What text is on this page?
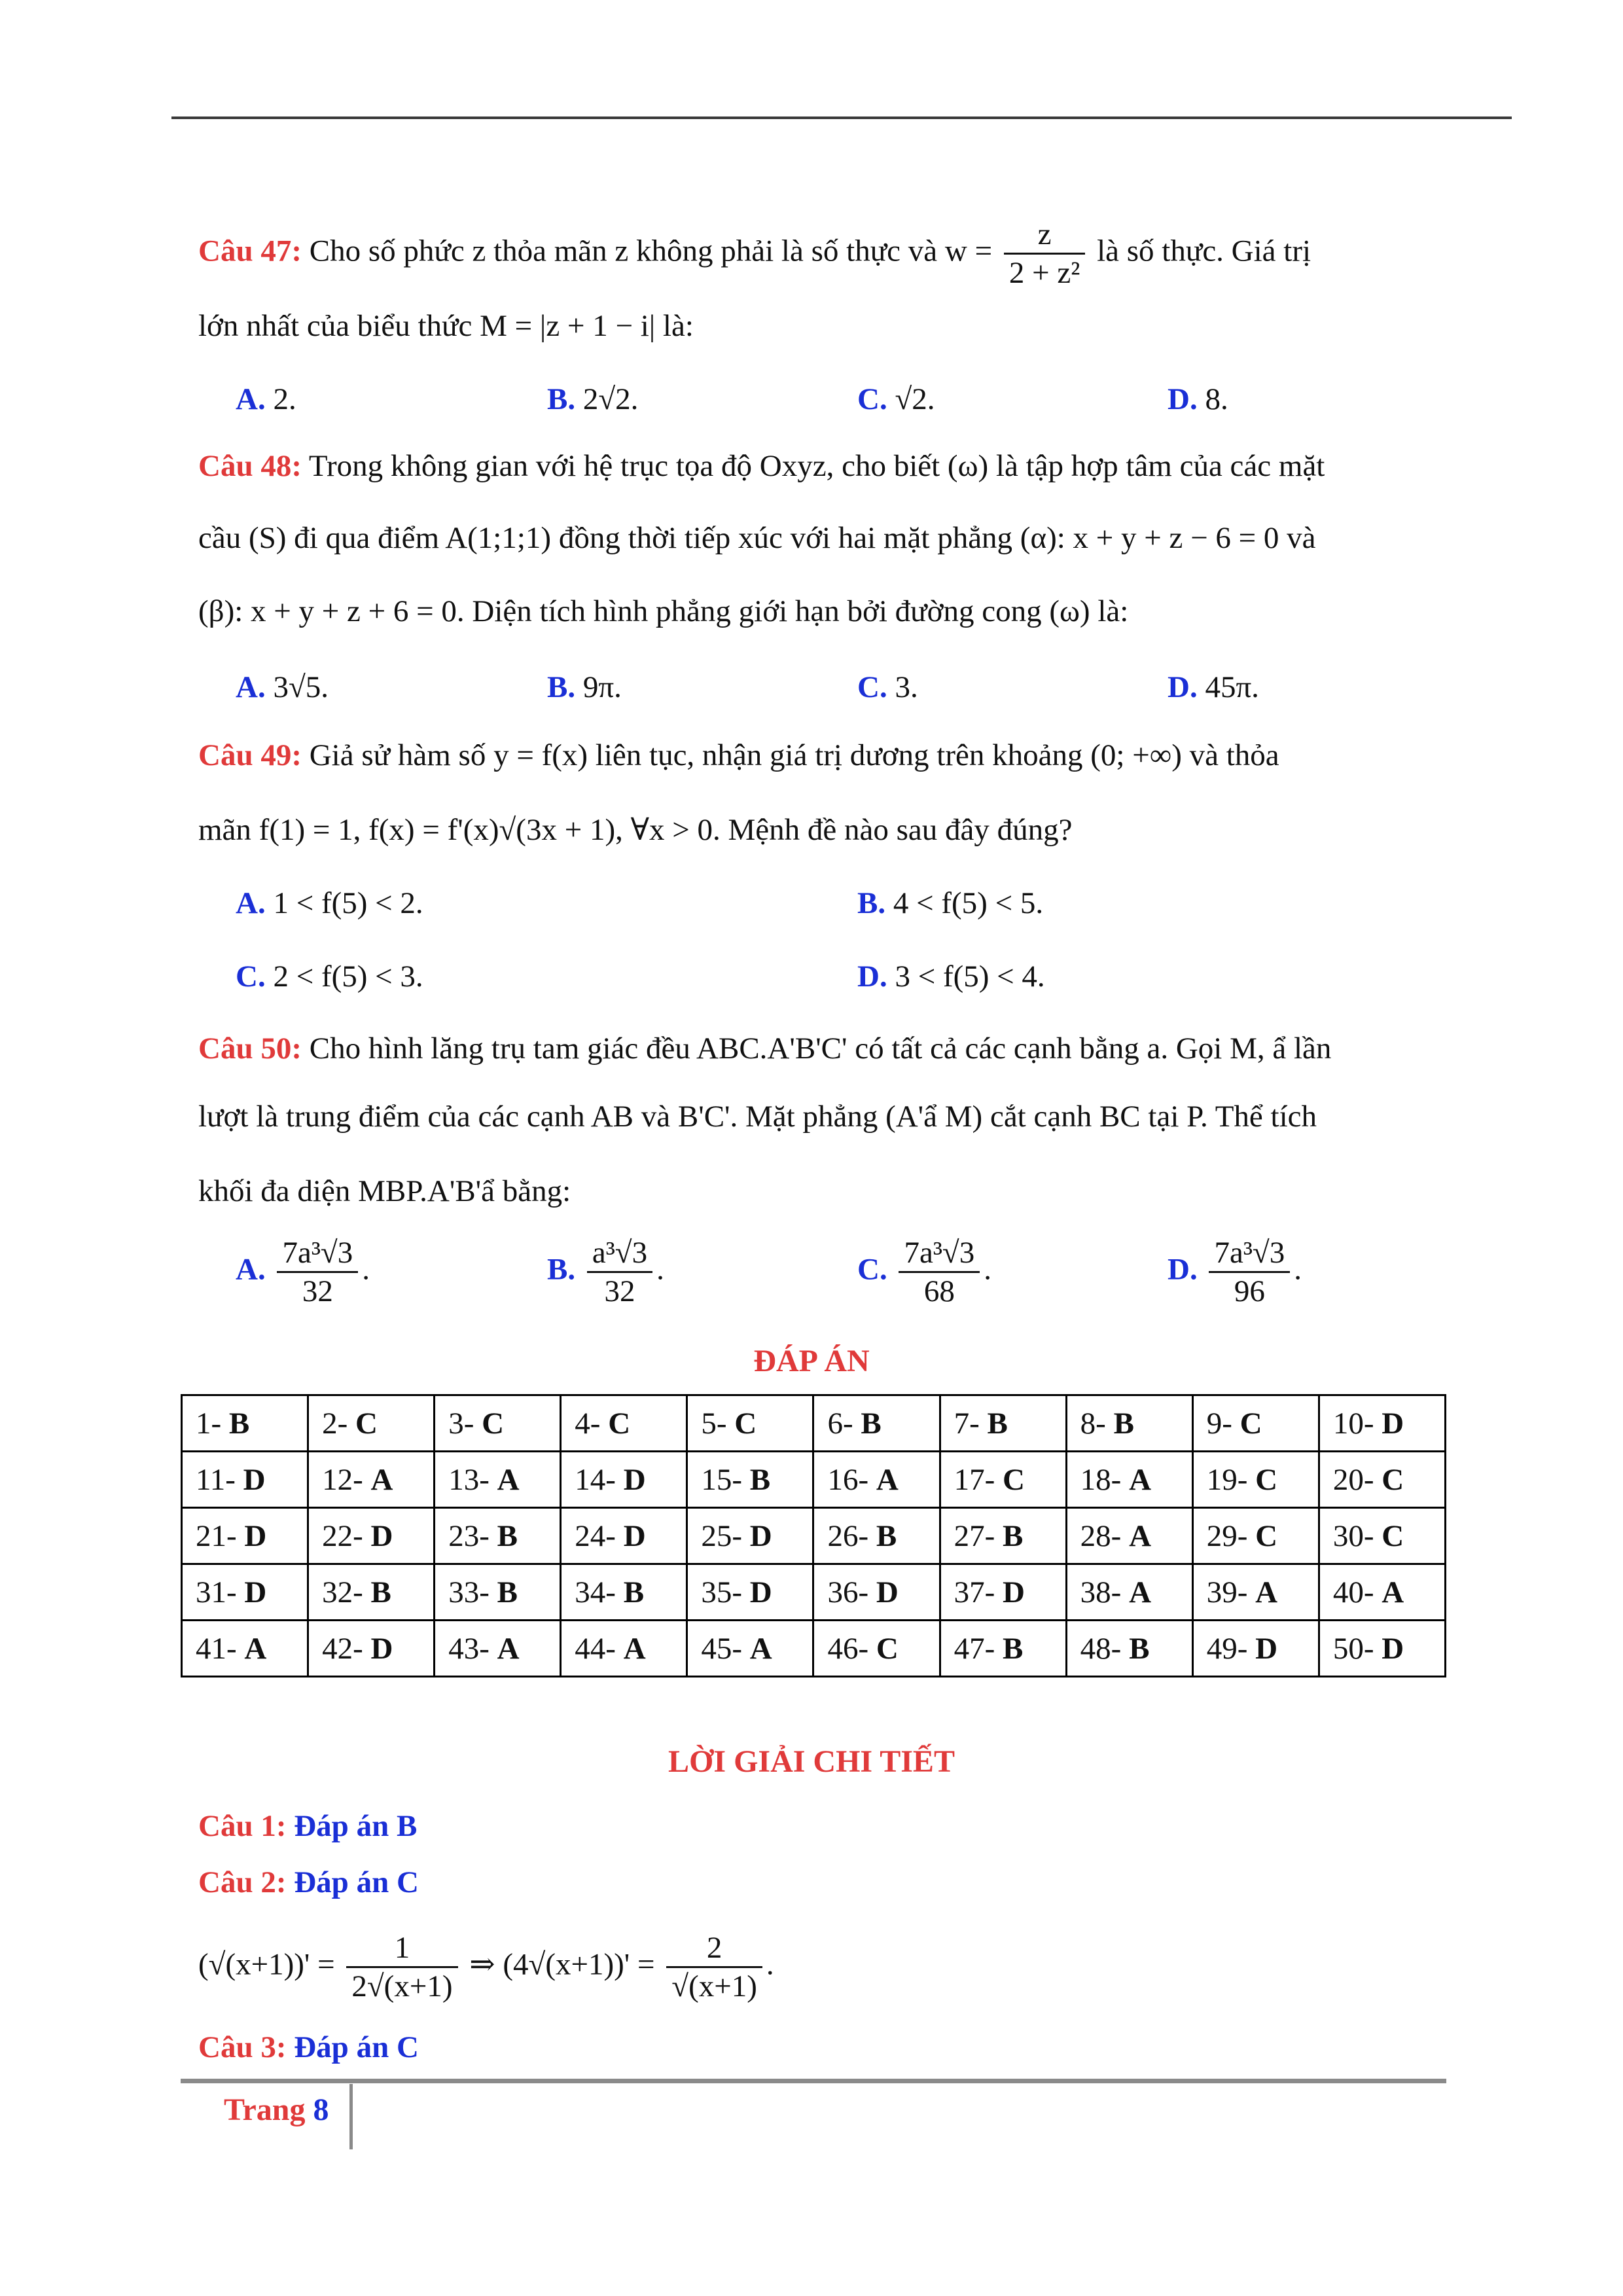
Câu 47: Cho số phức z thỏa mãn z không phải là số thực và $w = \frac{z}{\text{2 + z²}}$ là số thực. Giá trị
lớn nhất của biểu thức M = |z + 1 − i| là:
A. 2.	B. 2√2.	C. √2.	D. 8.
Câu 48: Trong không gian với hệ trục tọa độ Oxyz, cho biết (ω) là tập hợp tâm của các mặt
cầu (S) đi qua điểm A(1;1;1) đồng thời tiếp xúc với hai mặt phẳng (α): x + y + z − 6 = 0 và
(β): x + y + z + 6 = 0. Diện tích hình phẳng giới hạn bởi đường cong (ω) là:
A. 3√5.	B. 9π.	C. 3.	D. 45π.
Câu 49: Giả sử hàm số y = f(x) liên tục, nhận giá trị dương trên khoảng (0; +∞) và thỏa
mãn f(1) = 1, f(x) = f'(x)√(3x + 1), ∀x > 0. Mệnh đề nào sau đây đúng?
A. 1 < f(5) < 2.	B. 4 < f(5) < 5.
C. 2 < f(5) < 3.	D. 3 < f(5) < 4.
Câu 50: Cho hình lăng trụ tam giác đều ABC.A'B'C' có tất cả các cạnh bằng a. Gọi M, ẩ lần
lượt là trung điểm của các cạnh AB và B'C'. Mặt phẳng (A'ẩ M) cắt cạnh BC tại P. Thể tích
khối đa diện MBP.A'B'ẩ bằng:
A. $\frac{\text{7a³√3}}{32}$ .	B. $\frac{\text{a³√3}}{32}$ .	C. $\frac{\text{7a³√3}}{68}$ .	D. $\frac{\text{7a³√3}}{96}$ .
ĐÁP ÁN
1- B	2- C	3- C	4- C	5- C	6- B	7- B	8- B	9- C	10- D
11- D	12- A	13- A	14- D	15- B	16- A	17- C	18- A	19- C	20- C
21- D	22- D	23- B	24- D	25- D	26- B	27- B	28- A	29- C	30- C
31- D	32- B	33- B	34- B	35- D	36- D	37- D	38- A	39- A	40- A
41- A	42- D	43- A	44- A	45- A	46- C	47- B	48- B	49- D	50- D
LỜI GIẢI CHI TIẾT
Câu 1: Đáp án B
Câu 2: Đáp án C
$(√(x+1))' = \frac{1}{2√(x+1)}$ ⇒ $(4√(x+1))' = \frac{2}{√(x+1)}$ .
Câu 3: Đáp án C
Trang 8
